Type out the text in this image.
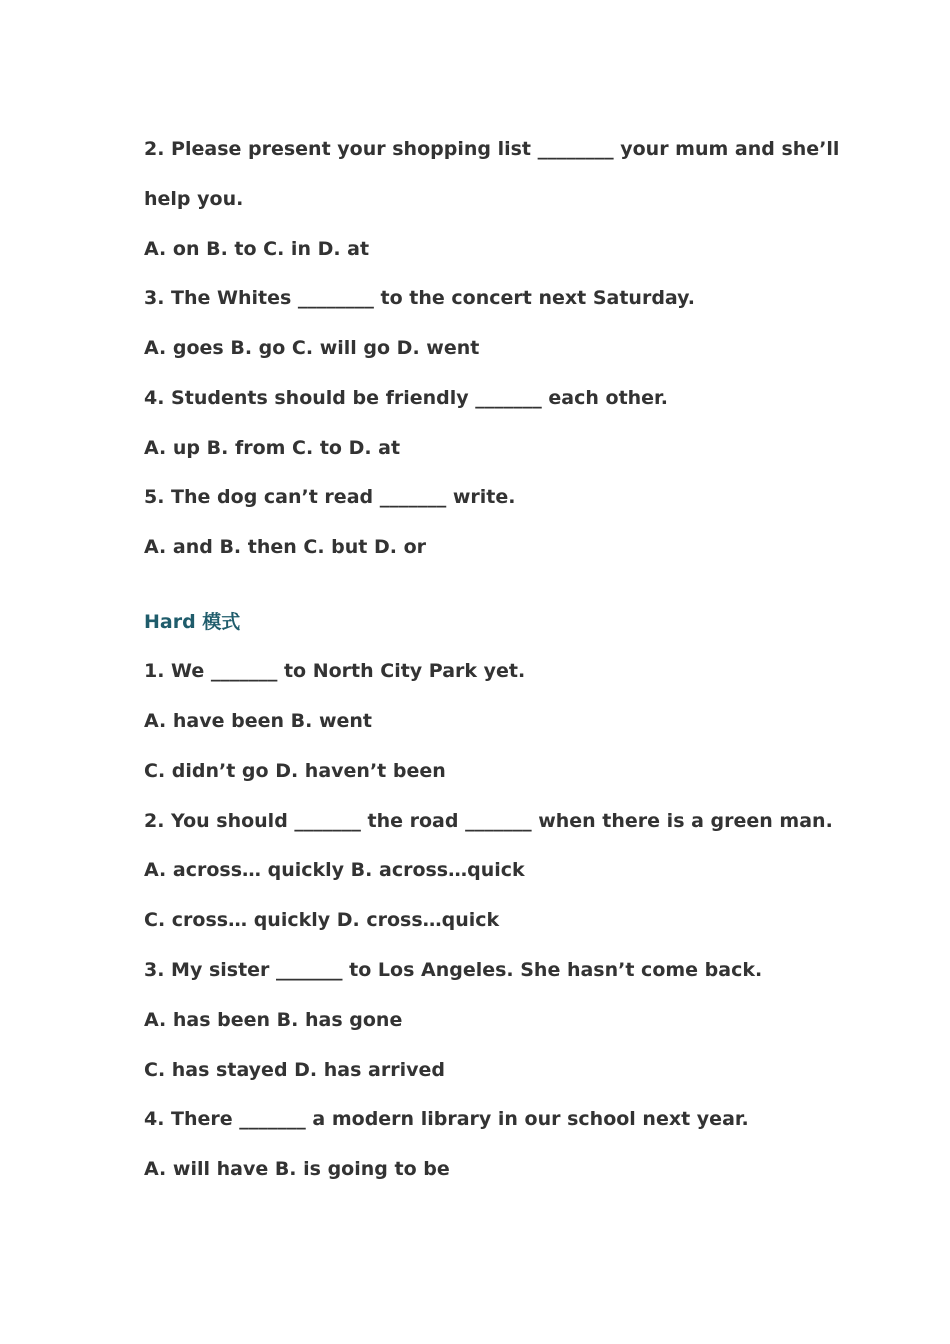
2. Please present your shopping list ________ your mum and she’ll
help you.
A. on B. to C. in D. at
3. The Whites ________ to the concert next Saturday.
A. goes B. go C. will go D. went
4. Students should be friendly _______ each other.
A. up B. from C. to D. at
5. The dog can’t read _______ write.
A. and B. then C. but D. or
Hard 模式
1. We _______ to North City Park yet.
A. have been B. went
C. didn’t go D. haven’t been
2. You should _______ the road _______ when there is a green man.
A. across… quickly B. across…quick
C. cross… quickly D. cross…quick
3. My sister _______ to Los Angeles. She hasn’t come back.
A. has been B. has gone
C. has stayed D. has arrived
4. There _______ a modern library in our school next year.
A. will have B. is going to be
